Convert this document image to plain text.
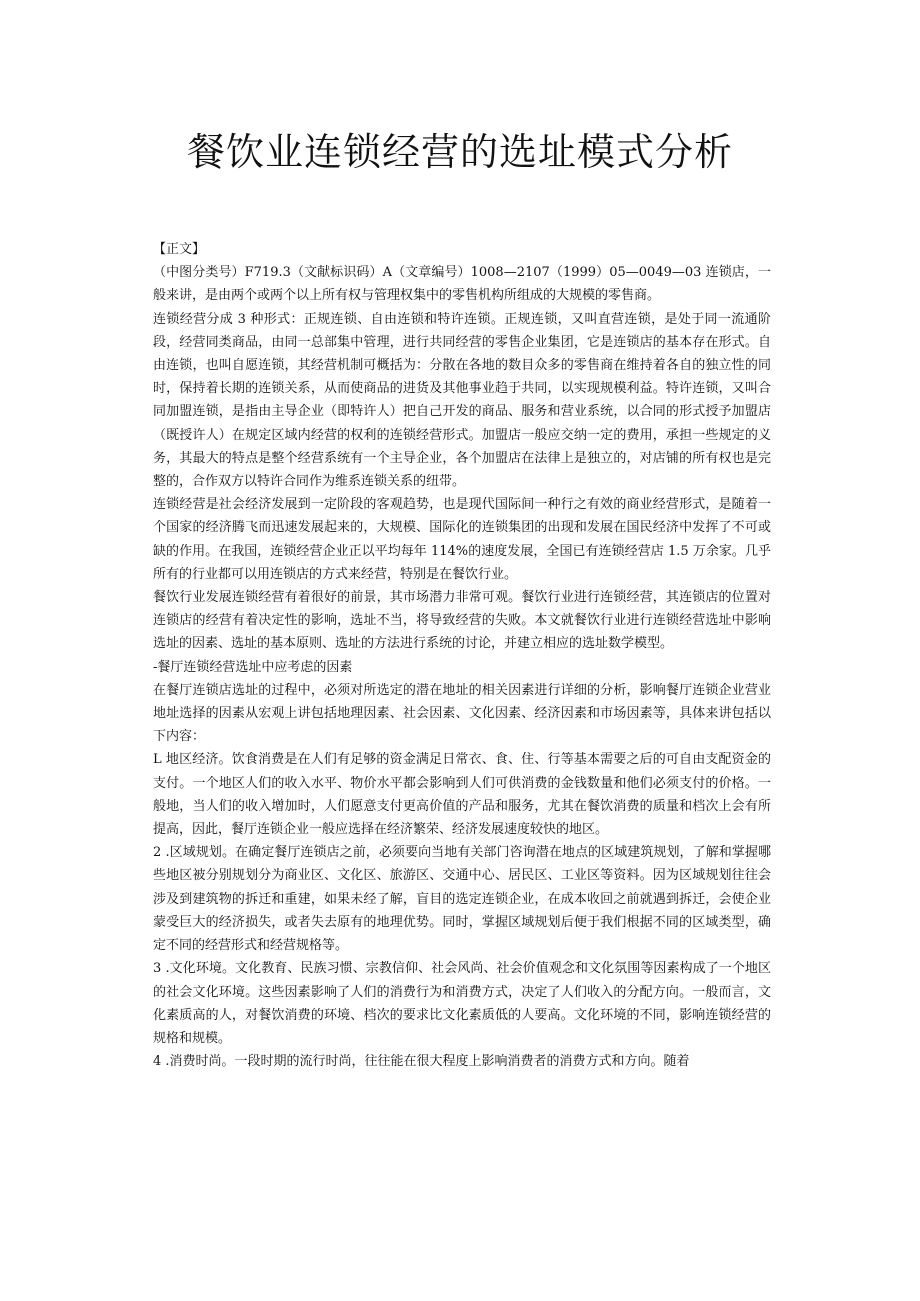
餐饮业连锁经营的选址模式分析

【正文】

（中图分类号）F719.3（文献标识码）A（文章编号）1008—2107（1999）05—0049—03 连锁店，一般来讲，是由两个或两个以上所有权与管理权集中的零售机构所组成的大规模的零售商。

连锁经营分成 3 种形式：正规连锁、自由连锁和特许连锁。正规连锁，又叫直营连锁，是处于同一流通阶段，经营同类商品，由同一总部集中管理，进行共同经营的零售企业集团，它是连锁店的基本存在形式。自由连锁，也叫自愿连锁，其经营机制可概括为：分散在各地的数目众多的零售商在维持着各自的独立性的同时，保持着长期的连锁关系，从而使商品的进货及其他事业趋于共同，以实现规模利益。特许连锁，又叫合同加盟连锁，是指由主导企业（即特许人）把自己开发的商品、服务和营业系统，以合同的形式授予加盟店（既授许人）在规定区域内经营的权利的连锁经营形式。加盟店一般应交纳一定的费用，承担一些规定的义务，其最大的特点是整个经营系统有一个主导企业，各个加盟店在法律上是独立的，对店铺的所有权也是完整的，合作双方以特许合同作为维系连锁关系的纽带。

连锁经营是社会经济发展到一定阶段的客观趋势，也是现代国际间一种行之有效的商业经营形式，是随着一个国家的经济腾飞而迅速发展起来的，大规模、国际化的连锁集团的出现和发展在国民经济中发挥了不可或缺的作用。在我国，连锁经营企业正以平均每年 114%的速度发展，全国已有连锁经营店 1.5 万余家。几乎所有的行业都可以用连锁店的方式来经营，特别是在餐饮行业。

餐饮行业发展连锁经营有着很好的前景，其市场潜力非常可观。餐饮行业进行连锁经营，其连锁店的位置对连锁店的经营有着决定性的影响，选址不当，将导致经营的失败。本文就餐饮行业进行连锁经营选址中影响选址的因素、选址的基本原则、选址的方法进行系统的讨论，并建立相应的选址数学模型。

-餐厅连锁经营选址中应考虑的因素

在餐厅连锁店选址的过程中，必须对所选定的潜在地址的相关因素进行详细的分析，影响餐厅连锁企业营业地址选择的因素从宏观上讲包括地理因素、社会因素、文化因素、经济因素和市场因素等，具体来讲包括以下内容：

L 地区经济。饮食消费是在人们有足够的资金满足日常衣、食、住、行等基本需要之后的可自由支配资金的支付。一个地区人们的收入水平、物价水平都会影响到人们可供消费的金钱数量和他们必须支付的价格。一般地，当人们的收入增加时，人们愿意支付更高价值的产品和服务，尤其在餐饮消费的质量和档次上会有所提高，因此，餐厅连锁企业一般应选择在经济繁荣、经济发展速度较快的地区。

2 .区域规划。在确定餐厅连锁店之前，必须要向当地有关部门咨询潜在地点的区域建筑规划，了解和掌握哪些地区被分别规划分为商业区、文化区、旅游区、交通中心、居民区、工业区等资料。因为区域规划往往会涉及到建筑物的拆迁和重建，如果未经了解，盲目的选定连锁企业，在成本收回之前就遇到拆迁，会使企业蒙受巨大的经济损失，或者失去原有的地理优势。同时，掌握区域规划后便于我们根据不同的区域类型，确定不同的经营形式和经营规格等。

3 .文化环境。文化教育、民族习惯、宗教信仰、社会风尚、社会价值观念和文化氛围等因素构成了一个地区的社会文化环境。这些因素影响了人们的消费行为和消费方式，决定了人们收入的分配方向。一般而言，文化素质高的人，对餐饮消费的环境、档次的要求比文化素质低的人要高。文化环境的不同，影响连锁经营的规格和规模。

4 .消费时尚。一段时期的流行时尚，往往能在很大程度上影响消费者的消费方式和方向。随着
